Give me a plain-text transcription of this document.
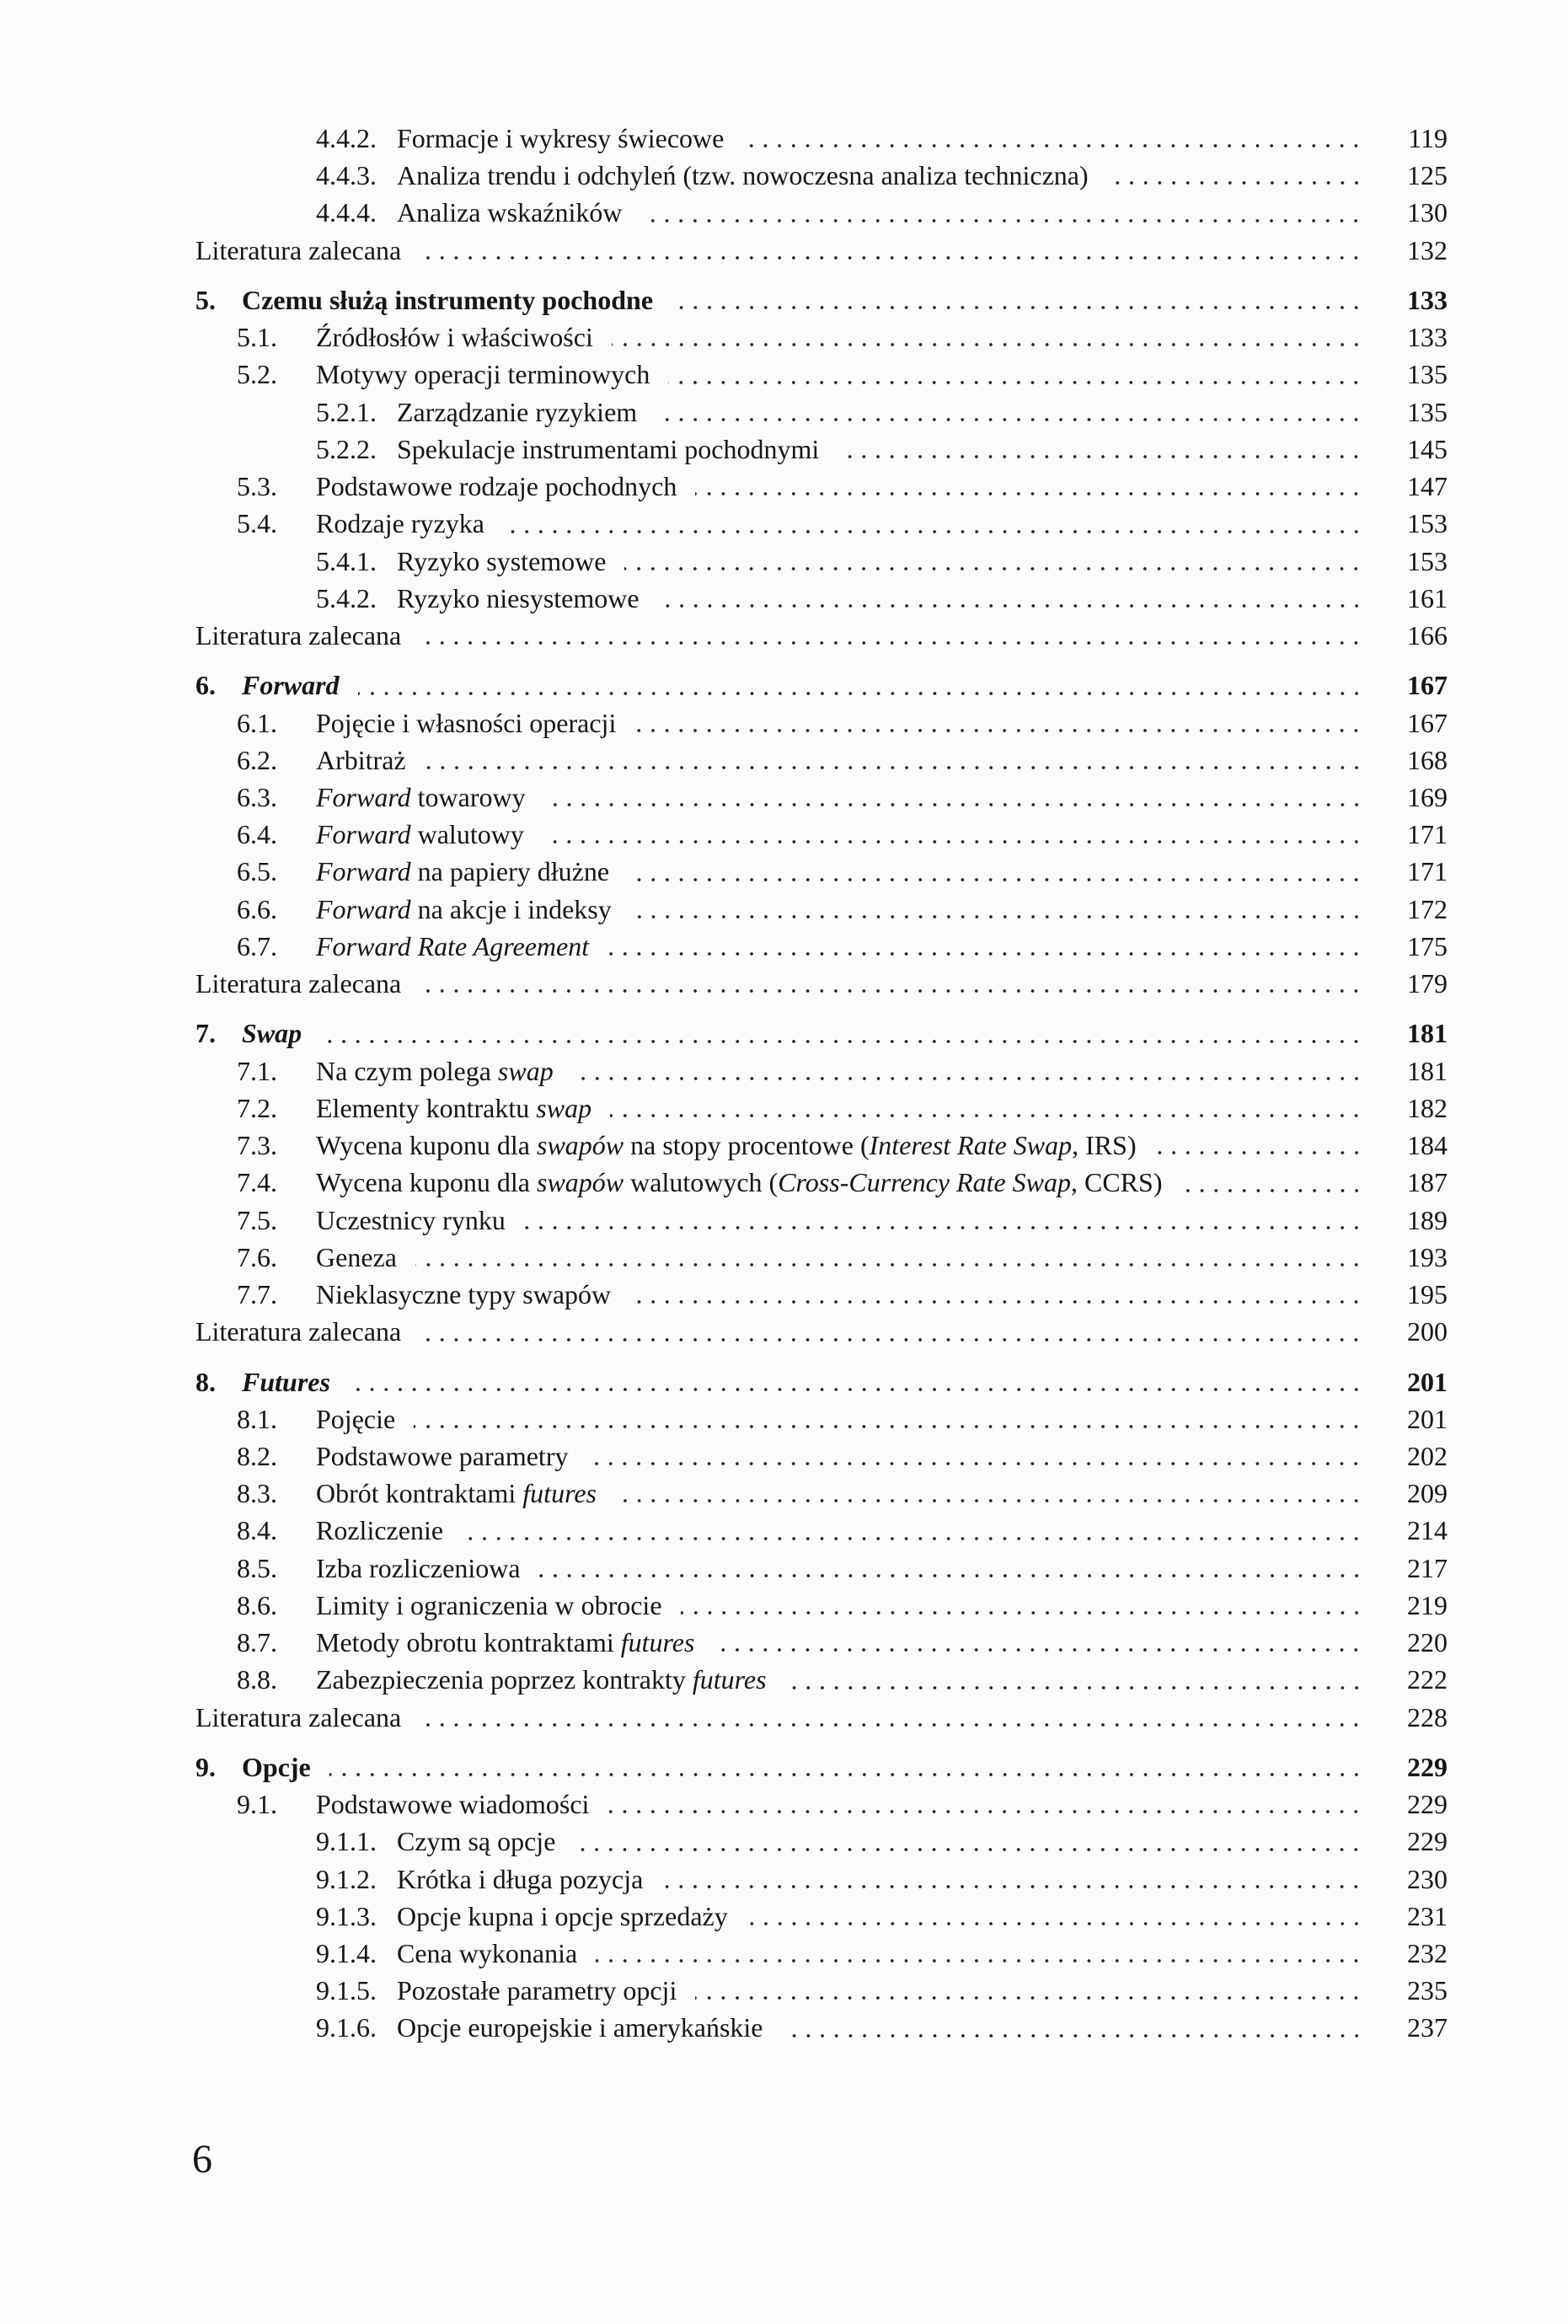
4.4.2. Formacje i wykresy świecowe	119
4.4.3. Analiza trendu i odchyleń (tzw. nowoczesna analiza techniczna)	125
4.4.4. Analiza wskaźników	130
Literatura zalecana	132
5. Czemu służą instrumenty pochodne	133
5.1. Źródłosłów i właściwości	133
5.2. Motywy operacji terminowych	135
5.2.1. Zarządzanie ryzykiem	135
5.2.2. Spekulacje instrumentami pochodnymi	145
5.3. Podstawowe rodzaje pochodnych	147
5.4. Rodzaje ryzyka	153
5.4.1. Ryzyko systemowe	153
5.4.2. Ryzyko niesystemowe	161
Literatura zalecana	166
6. Forward	167
6.1. Pojęcie i własności operacji	167
6.2. Arbitraż	168
6.3. Forward towarowy	169
6.4. Forward walutowy	171
6.5. Forward na papiery dłużne	171
6.6. Forward na akcje i indeksy	172
6.7. Forward Rate Agreement	175
Literatura zalecana	179
7. Swap	181
7.1. Na czym polega swap	181
7.2. Elementy kontraktu swap	182
7.3. Wycena kuponu dla swapów na stopy procentowe (Interest Rate Swap, IRS)	184
7.4. Wycena kuponu dla swapów walutowych (Cross-Currency Rate Swap, CCRS)	187
7.5. Uczestnicy rynku	189
7.6. Geneza	193
7.7. Nieklasyczne typy swapów	195
Literatura zalecana	200
8. Futures	201
8.1. Pojęcie	201
8.2. Podstawowe parametry	202
8.3. Obrót kontraktami futures	209
8.4. Rozliczenie	214
8.5. Izba rozliczeniowa	217
8.6. Limity i ograniczenia w obrocie	219
8.7. Metody obrotu kontraktami futures	220
8.8. Zabezpieczenia poprzez kontrakty futures	222
Literatura zalecana	228
9. Opcje	229
9.1. Podstawowe wiadomości	229
9.1.1. Czym są opcje	229
9.1.2. Krótka i długa pozycja	230
9.1.3. Opcje kupna i opcje sprzedaży	231
9.1.4. Cena wykonania	232
9.1.5. Pozostałe parametry opcji	235
9.1.6. Opcje europejskie i amerykańskie	237
6
